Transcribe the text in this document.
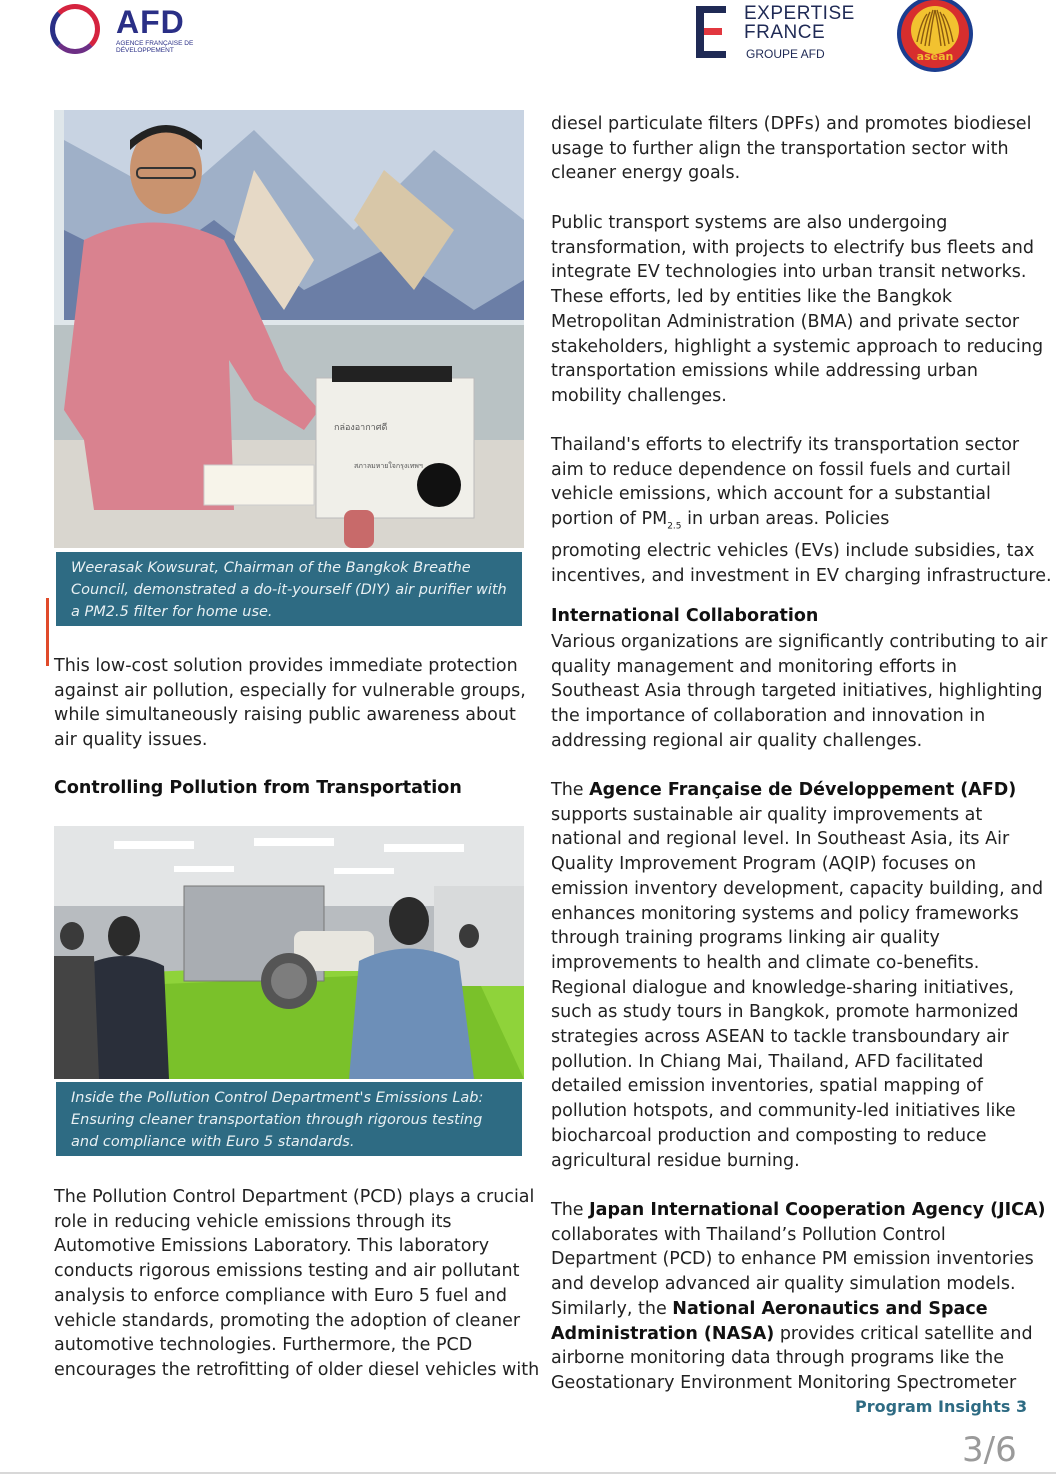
AFD
AGENCE FRANÇAISE DE DÉVELOPPEMENT
EXPERTISE
FRANCE
GROUPE AFD	asean
กล่องอากาศดี
สภาลมหายใจกรุงเทพฯ
Weerasak Kowsurat, Chairman of the Bangkok Breathe
Council, demonstrated a do-it-yourself (DIY) air purifier with
a PM2.5 filter for home use.
This low-cost solution provides immediate protection
against air pollution, especially for vulnerable groups,
while simultaneously raising public awareness about
air quality issues.
Controlling Pollution from Transportation
Inside the Pollution Control Department's Emissions Lab:
Ensuring cleaner transportation through rigorous testing
and compliance with Euro 5 standards.
The Pollution Control Department (PCD) plays a crucial
role in reducing vehicle emissions through its
Automotive Emissions Laboratory. This laboratory
conducts rigorous emissions testing and air pollutant
analysis to enforce compliance with Euro 5 fuel and
vehicle standards, promoting the adoption of cleaner
automotive technologies. Furthermore, the PCD
encourages the retrofitting of older diesel vehicles with
diesel particulate filters (DPFs) and promotes biodiesel
usage to further align the transportation sector with
cleaner energy goals.
Public transport systems are also undergoing
transformation, with projects to electrify bus fleets and
integrate EV technologies into urban transit networks.
These efforts, led by entities like the Bangkok
Metropolitan Administration (BMA) and private sector
stakeholders, highlight a systemic approach to reducing
transportation emissions while addressing urban
mobility challenges.
Thailand's efforts to electrify its transportation sector
aim to reduce dependence on fossil fuels and curtail
vehicle emissions, which account for a substantial
portion of $PM_{2.5}$ in urban areas. Policies
promoting electric vehicles (EVs) include subsidies, tax
incentives, and investment in EV charging infrastructure.
International Collaboration
Various organizations are significantly contributing to air
quality management and monitoring efforts in
Southeast Asia through targeted initiatives, highlighting
the importance of collaboration and innovation in
addressing regional air quality challenges.
The Agence Française de Développement (AFD)
supports sustainable air quality improvements at
national and regional level. In Southeast Asia, its Air
Quality Improvement Program (AQIP) focuses on
emission inventory development, capacity building, and
enhances monitoring systems and policy frameworks
through training programs linking air quality
improvements to health and climate co-benefits.
Regional dialogue and knowledge-sharing initiatives,
such as study tours in Bangkok, promote harmonized
strategies across ASEAN to tackle transboundary air
pollution. In Chiang Mai, Thailand, AFD facilitated
detailed emission inventories, spatial mapping of
pollution hotspots, and community-led initiatives like
biocharcoal production and composting to reduce
agricultural residue burning.
The Japan International Cooperation Agency (JICA)
collaborates with Thailand’s Pollution Control
Department (PCD) to enhance PM emission inventories
and develop advanced air quality simulation models.
Similarly, the National Aeronautics and Space
Administration (NASA) provides critical satellite and
airborne monitoring data through programs like the
Geostationary Environment Monitoring Spectrometer
Program Insights 3
3/6
